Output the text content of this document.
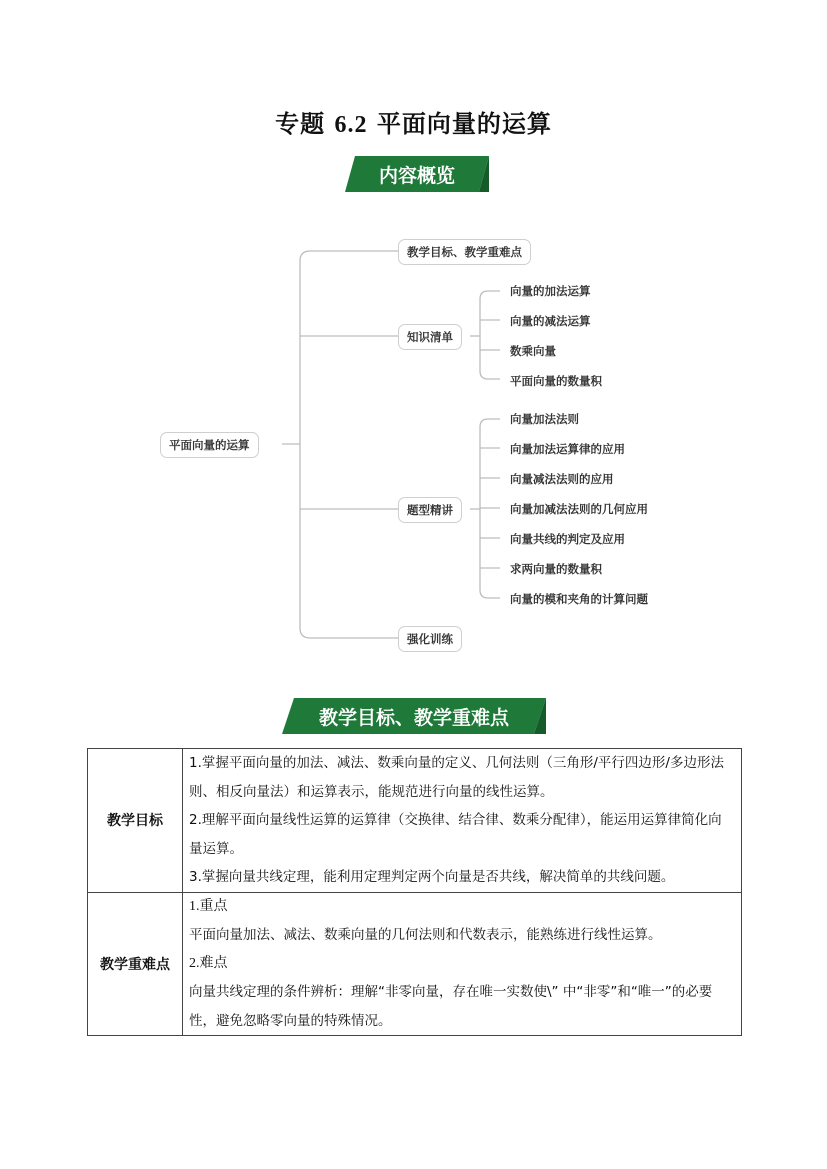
专题 6.2 平面向量的运算
内容概览
平面向量的运算
教学目标、教学重难点
知识清单
题型精讲
强化训练
向量的加法运算
向量的减法运算
数乘向量
平面向量的数量积
向量加法法则
向量加法运算律的应用
向量减法法则的应用
向量加减法法则的几何应用
向量共线的判定及应用
求两向量的数量积
向量的模和夹角的计算问题
教学目标、教学重难点
教学目标	1.掌握平面向量的加法、减法、数乘向量的定义、几何法则（三角形/平行四边形/多边形法则、相反向量法）和运算表示，能规范进行向量的线性运算。

2.理解平面向量线性运算的运算律（交换律、结合律、数乘分配律），能运用运算律简化向量运算。

3.掌握向量共线定理，能利用定理判定两个向量是否共线，解决简单的共线问题。

教学重难点	1.重点

平面向量加法、减法、数乘向量的几何法则和代数表示，能熟练进行线性运算。

2.难点

向量共线定理的条件辨析：理解“非零向量，存在唯一实数使\” 中“非零”和“唯一”的必要性，避免忽略零向量的特殊情况。
